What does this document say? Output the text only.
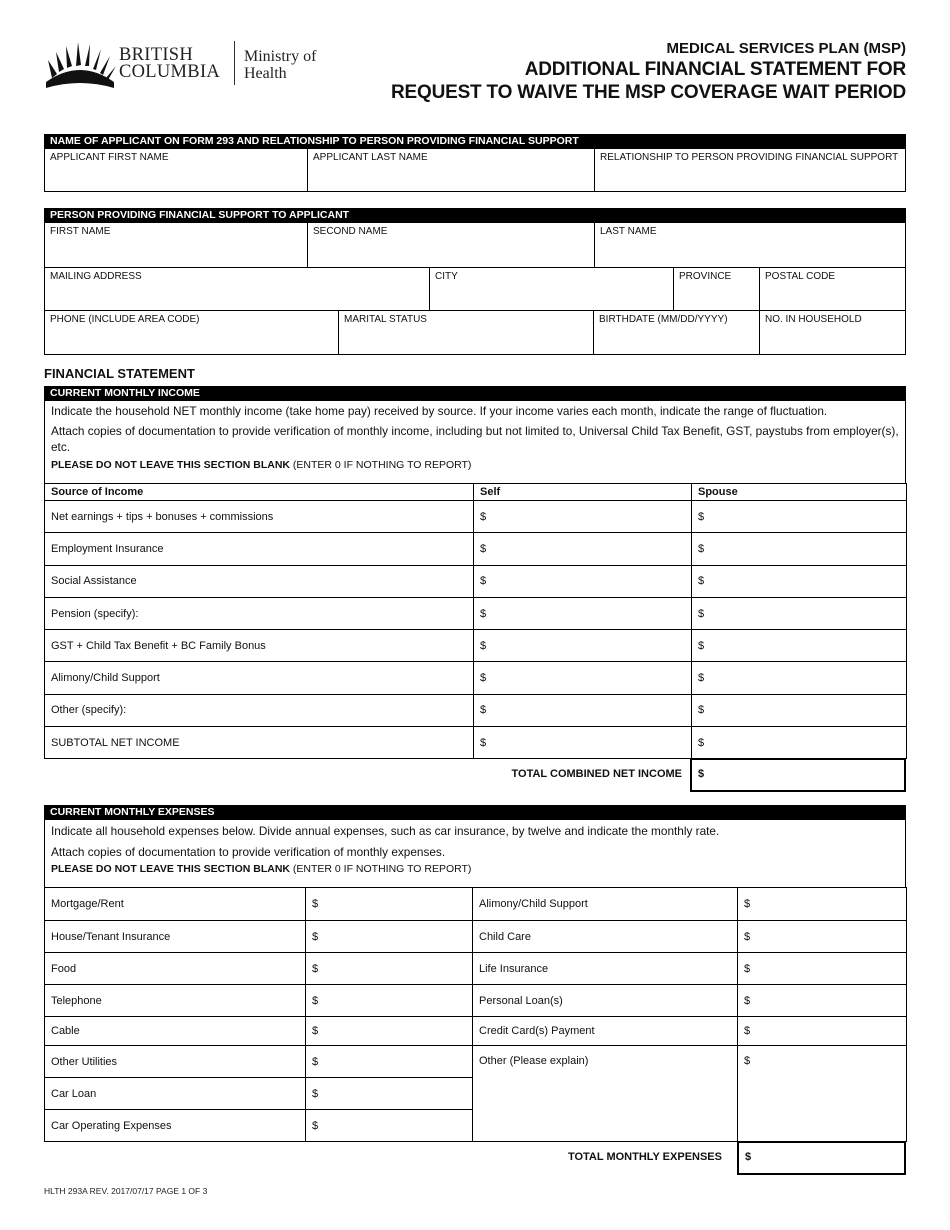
BRITISH
COLUMBIA
Ministry of
Health
MEDICAL SERVICES PLAN (MSP)
ADDITIONAL FINANCIAL STATEMENT FOR
REQUEST TO WAIVE THE MSP COVERAGE WAIT PERIOD
NAME OF APPLICANT ON FORM 293 AND RELATIONSHIP TO PERSON PROVIDING FINANCIAL SUPPORT
APPLICANT FIRST NAME	APPLICANT LAST NAME	RELATIONSHIP TO PERSON PROVIDING FINANCIAL SUPPORT
PERSON PROVIDING FINANCIAL SUPPORT TO APPLICANT
FIRST NAME	SECOND NAME	LAST NAME
MAILING ADDRESS	CITY	PROVINCE	POSTAL CODE
PHONE (INCLUDE AREA CODE)	MARITAL STATUS	BIRTHDATE (MM/DD/YYYY)	NO. IN HOUSEHOLD
FINANCIAL STATEMENT
CURRENT MONTHLY INCOME

Indicate the household NET monthly income (take home pay) received by source. If your income varies each month, indicate the range of fluctuation.

Attach copies of documentation to provide verification of monthly income, including but not limited to, Universal Child Tax Benefit, GST, paystubs from employer(s), etc.

PLEASE DO NOT LEAVE THIS SECTION BLANK (ENTER 0 IF NOTHING TO REPORT)
Source of Income	Self	Spouse
Net earnings + tips + bonuses + commissions	$	$
Employment Insurance	$	$
Social Assistance	$	$
Pension (specify):	$	$
GST + Child Tax Benefit + BC Family Bonus	$	$
Alimony/Child Support	$	$
Other (specify):	$	$
SUBTOTAL NET INCOME	$	$
TOTAL COMBINED NET INCOME	$
CURRENT MONTHLY EXPENSES

Indicate all household expenses below. Divide annual expenses, such as car insurance, by twelve and indicate the monthly rate.

Attach copies of documentation to provide verification of monthly expenses.

PLEASE DO NOT LEAVE THIS SECTION BLANK (ENTER 0 IF NOTHING TO REPORT)
Mortgage/Rent	$	Alimony/Child Support	$
House/Tenant Insurance	$	Child Care	$
Food	$	Life Insurance	$
Telephone	$	Personal Loan(s)	$
Cable	$	Credit Card(s) Payment	$
Other Utilities	$	Other (Please explain)	$
Car Loan	$		
Car Operating Expenses	$		
TOTAL MONTHLY EXPENSES	$
HLTH 293A REV. 2017/07/17 PAGE 1 OF 3
